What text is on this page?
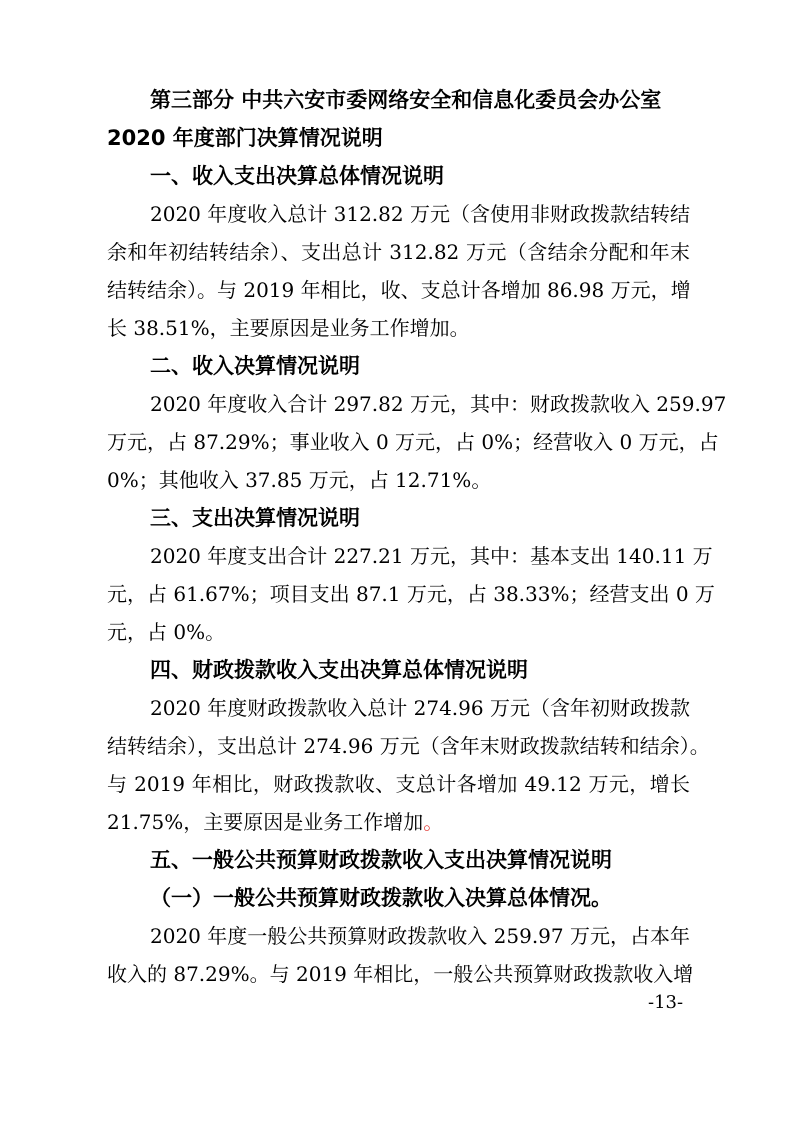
第三部分 中共六安市委网络安全和信息化委员会办公室
2020 年度部门决算情况说明
一、收入支出决算总体情况说明
2020 年度收入总计 312.82 万元（含使用非财政拨款结转结
余和年初结转结余）、支出总计 312.82 万元（含结余分配和年末
结转结余）。与 2019 年相比，收、支总计各增加 86.98 万元，增
长 38.51%，主要原因是业务工作增加。
二、收入决算情况说明
2020 年度收入合计 297.82 万元，其中：财政拨款收入 259.97
万元，占 87.29%；事业收入 0 万元，占 0%；经营收入 0 万元，占
0%；其他收入 37.85 万元，占 12.71%。
三、支出决算情况说明
2020 年度支出合计 227.21 万元，其中：基本支出 140.11 万
元，占 61.67%；项目支出 87.1 万元，占 38.33%；经营支出 0 万
元，占 0%。
四、财政拨款收入支出决算总体情况说明
2020 年度财政拨款收入总计 274.96 万元（含年初财政拨款
结转结余），支出总计 274.96 万元（含年末财政拨款结转和结余）。
与 2019 年相比，财政拨款收、支总计各增加 49.12 万元，增长
21.75%，主要原因是业务工作增加。
五、一般公共预算财政拨款收入支出决算情况说明
（一）一般公共预算财政拨款收入决算总体情况。
2020 年度一般公共预算财政拨款收入 259.97 万元，占本年
收入的 87.29%。与 2019 年相比，一般公共预算财政拨款收入增
-13-
